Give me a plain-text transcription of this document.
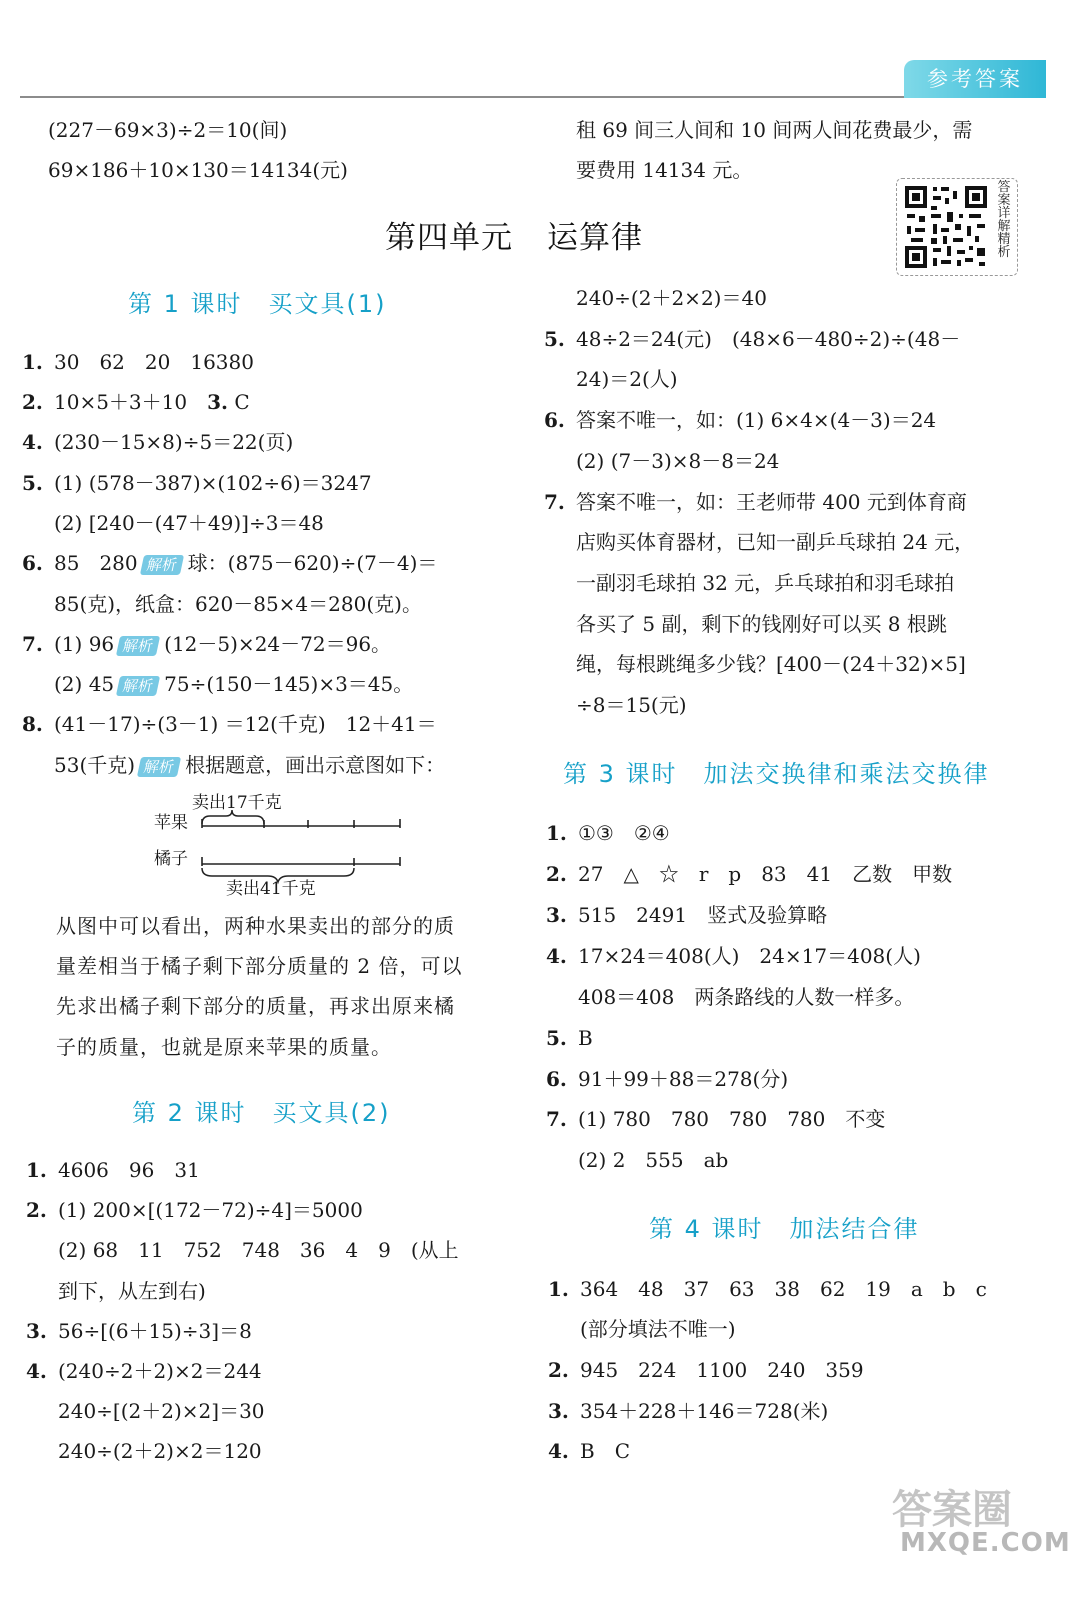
参考答案
(227－69×3)÷2＝10(间)
69×186＋10×130＝14134(元)
租 69 间三人间和 10 间两人间花费最少，需
要费用 14134 元。
答案详解精析
第四单元 运算律
第 1 课时 买文具(1)
1. 30　62　20　16380
2. 10×5＋3＋10　 3. C
4. (230－15×8)÷5＝22(页)
5. (1) (578－387)×(102÷6)＝3247
(2) [240－(47＋49)]÷3＝48
6. 85　280 解析 球：(875－620)÷(7－4)＝
85(克)，纸盒：620－85×4＝280(克)。
7. (1) 96 解析 (12－5)×24－72＝96。
(2) 45 解析 75÷(150－145)×3＝45。
8. (41－17)÷(3－1) ＝12(千克)　12＋41＝
53(千克) 解析 根据题意，画出示意图如下：
卖出17千克
苹果
橘子
卖出41千克
从图中可以看出，两种水果卖出的部分的质
量差相当于橘子剩下部分质量的 2 倍，可以
先求出橘子剩下部分的质量，再求出原来橘
子的质量，也就是原来苹果的质量。
第 2 课时 买文具(2)
1. 4606　96　31
2. (1) 200×[(172－72)÷4]＝5000
(2) 68　11　752　748　36　4　9　(从上
到下，从左到右)
3. 56÷[(6＋15)÷3]＝8
4. (240÷2＋2)×2＝244
240÷[(2＋2)×2]＝30
240÷(2＋2)×2＝120
240÷(2＋2×2)＝40
5. 48÷2＝24(元)　(48×6－480÷2)÷(48－
24)＝2(人)
6. 答案不唯一，如：(1) 6×4×(4－3)＝24
(2) (7－3)×8－8＝24
7. 答案不唯一，如：王老师带 400 元到体育商
店购买体育器材，已知一副乒乓球拍 24 元，
一副羽毛球拍 32 元，乒乓球拍和羽毛球拍
各买了 5 副，剩下的钱刚好可以买 8 根跳
绳，每根跳绳多少钱？[400－(24＋32)×5]
÷8＝15(元)
第 3 课时 加法交换律和乘法交换律
1. ①③　②④
2. 27　△　☆　r　p　83　41　乙数　甲数
3. 515　2491　竖式及验算略
4. 17×24＝408(人)　24×17＝408(人)
408＝408　两条路线的人数一样多。
5. B
6. 91＋99＋88＝278(分)
7. (1) 780　780　780　780　不变
(2) 2　555　ab
第 4 课时 加法结合律
1. 364　48　37　63　38　62　19　a　b　c
(部分填法不唯一)
2. 945　224　1100　240　359
3. 354＋228＋146＝728(米)
4. B　C
答案圈
MXQE.COM
